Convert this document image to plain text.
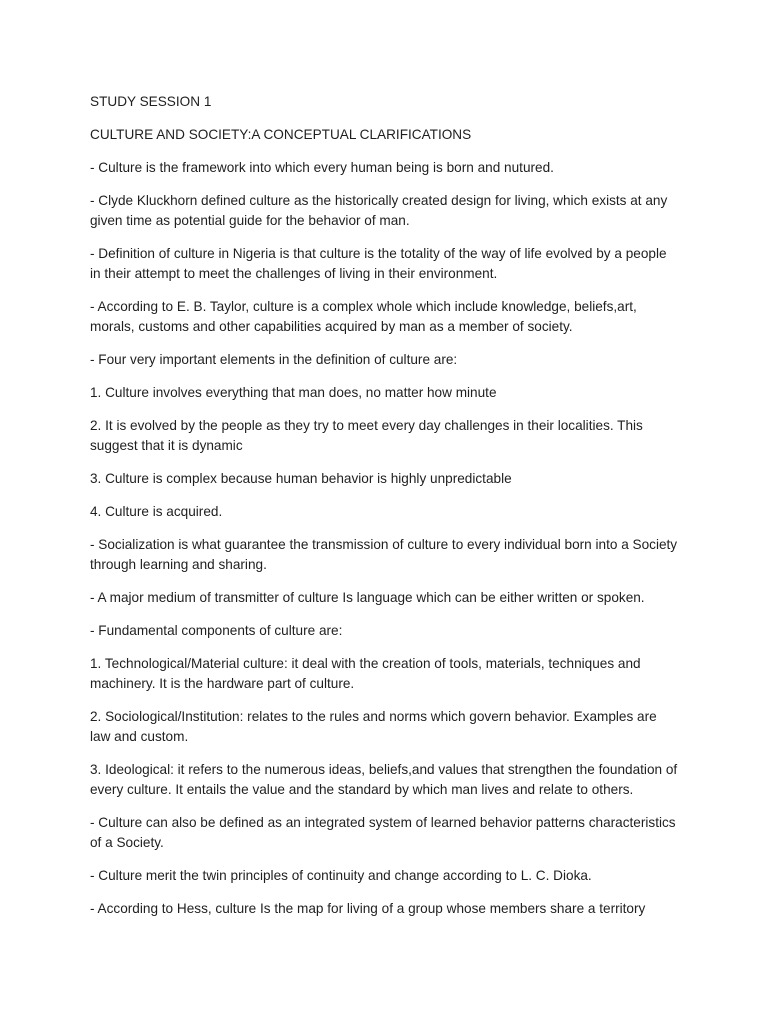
STUDY SESSION 1

CULTURE AND SOCIETY:A CONCEPTUAL CLARIFICATIONS

- Culture is the framework into which every human being is born and nutured.

- Clyde Kluckhorn defined culture as the historically created design for living, which exists at any given time as potential guide for the behavior of man.

- Definition of culture in Nigeria is that culture is the totality of the way of life evolved by a people in their attempt to meet the challenges of living in their environment.

- According to E. B. Taylor, culture is a complex whole which include knowledge, beliefs,art, morals, customs and other capabilities acquired by man as a member of society.

- Four very important elements in the definition of culture are:

1. Culture involves everything that man does, no matter how minute

2. It is evolved by the people as they try to meet every day challenges in their localities. This suggest that it is dynamic

3. Culture is complex because human behavior is highly unpredictable

4. Culture is acquired.

- Socialization is what guarantee the transmission of culture to every individual born into a Society through learning and sharing.

- A major medium of transmitter of culture Is language which can be either written or spoken.

- Fundamental components of culture are:

1. Technological/Material culture: it deal with the creation of tools, materials, techniques and machinery. It is the hardware part of culture.

2. Sociological/Institution: relates to the rules and norms which govern behavior. Examples are law and custom.

3. Ideological: it refers to the numerous ideas, beliefs,and values that strengthen the foundation of every culture. It entails the value and the standard by which man lives and relate to others.

- Culture can also be defined as an integrated system of learned behavior patterns characteristics of a Society.

- Culture merit the twin principles of continuity and change according to L. C. Dioka.

- According to Hess, culture Is the map for living of a group whose members share a territory
